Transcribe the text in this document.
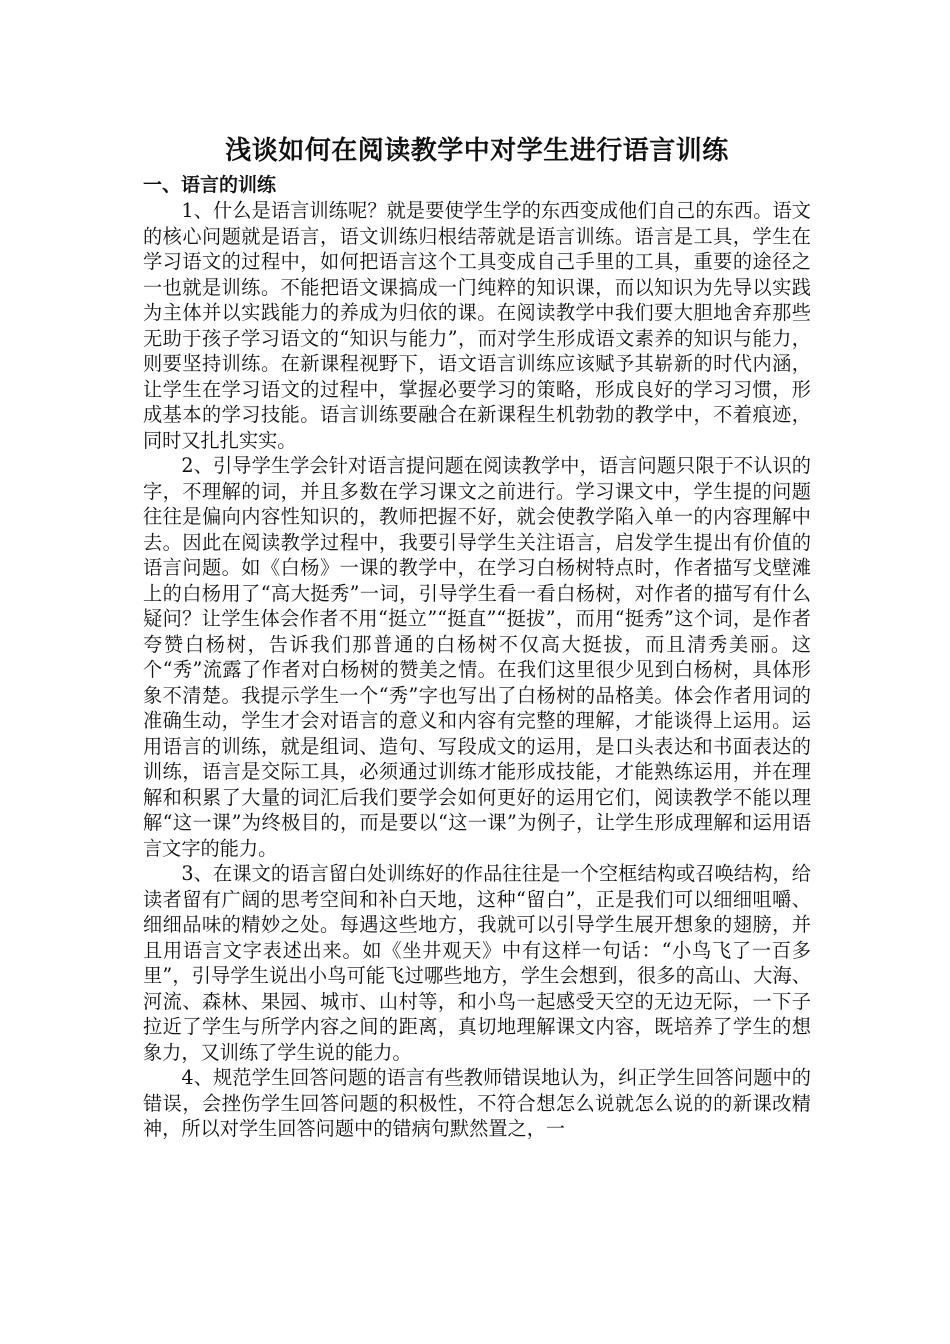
浅谈如何在阅读教学中对学生进行语言训练
一、语言的训练

1、什么是语言训练呢？就是要使学生学的东西变成他们自己的东西。语文的核心问题就是语言，语文训练归根结蒂就是语言训练。语言是工具，学生在学习语文的过程中，如何把语言这个工具变成自己手里的工具，重要的途径之一也就是训练。不能把语文课搞成一门纯粹的知识课，而以知识为先导以实践为主体并以实践能力的养成为归依的课。在阅读教学中我们要大胆地舍弃那些无助于孩子学习语文的“知识与能力”，而对学生形成语文素养的知识与能力，则要坚持训练。在新课程视野下，语文语言训练应该赋予其崭新的时代内涵，让学生在学习语文的过程中，掌握必要学习的策略，形成良好的学习习惯，形成基本的学习技能。语言训练要融合在新课程生机勃勃的教学中，不着痕迹，同时又扎扎实实。

2、引导学生学会针对语言提问题在阅读教学中，语言问题只限于不认识的字，不理解的词，并且多数在学习课文之前进行。学习课文中，学生提的问题往往是偏向内容性知识的，教师把握不好，就会使教学陷入单一的内容理解中去。因此在阅读教学过程中，我要引导学生关注语言，启发学生提出有价值的语言问题。如《白杨》一课的教学中，在学习白杨树特点时，作者描写戈壁滩上的白杨用了“高大挺秀”一词，引导学生看一看白杨树，对作者的描写有什么疑问？让学生体会作者不用“挺立”“挺直”“挺拔”，而用“挺秀”这个词，是作者夸赞白杨树，告诉我们那普通的白杨树不仅高大挺拔，而且清秀美丽。这个“秀”流露了作者对白杨树的赞美之情。在我们这里很少见到白杨树，具体形象不清楚。我提示学生一个“秀”字也写出了白杨树的品格美。体会作者用词的准确生动，学生才会对语言的意义和内容有完整的理解，才能谈得上运用。运用语言的训练，就是组词、造句、写段成文的运用，是口头表达和书面表达的训练，语言是交际工具，必须通过训练才能形成技能，才能熟练运用，并在理解和积累了大量的词汇后我们要学会如何更好的运用它们，阅读教学不能以理解“这一课”为终极目的，而是要以“这一课”为例子，让学生形成理解和运用语言文字的能力。

3、在课文的语言留白处训练好的作品往往是一个空框结构或召唤结构，给读者留有广阔的思考空间和补白天地，这种“留白”，正是我们可以细细咀嚼、细细品味的精妙之处。每遇这些地方，我就可以引导学生展开想象的翅膀，并且用语言文字表述出来。如《坐井观天》中有这样一句话：“小鸟飞了一百多里”，引导学生说出小鸟可能飞过哪些地方，学生会想到，很多的高山、大海、河流、森林、果园、城市、山村等，和小鸟一起感受天空的无边无际，一下子拉近了学生与所学内容之间的距离，真切地理解课文内容，既培养了学生的想象力，又训练了学生说的能力。

4、规范学生回答问题的语言有些教师错误地认为，纠正学生回答问题中的错误，会挫伤学生回答问题的积极性，不符合想怎么说就怎么说的的新课改精神，所以对学生回答问题中的错病句默然置之，一
